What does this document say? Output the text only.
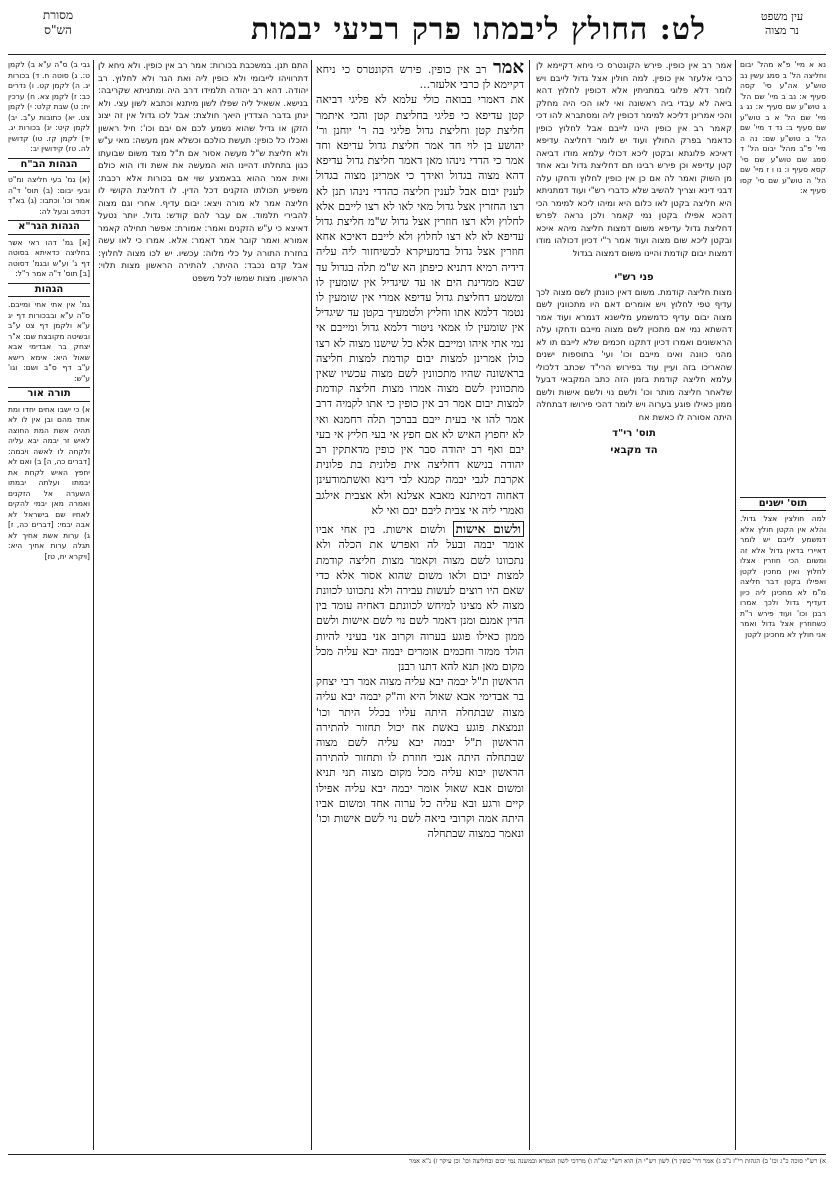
עין משפט
נר מצוה
לט: החולץ ליבמתו פרק רביעי יבמות
מסורת
הש"ס
נא א מיי' פ"א מהל' יבום וחליצה הל' ב סמג עשין נב טוש"ע אה"ע סי' קסה סעיף א: נב ב מיי' שם הל' ג טוש"ע שם סעיף א: נג ג מיי' שם הל' א ב טוש"ע שם סעיף ב: נד ד מיי' שם הל' ב טוש"ע שם: נה ה מיי' פ"ב מהל' יבום הל' ד סמג שם טוש"ע שם סי' קסא סעיף ו: נו ו ז מיי' שם הל' ה טוש"ע שם סי' קסו סעיף א:
תוס' ישנים
למה חולצין אצל גדול. והלא אין הקטן חולץ אלא דמשמע לייבם יש לומר דאיירי בדאין גדול אלא זה ומשום הכי חוזרין אצלו לחלוץ ואין מחכין לקטן ואפילו בקטן דבר חליצה מ"מ לא מחכינן ליה כיון דעדיף גדול ולכך אמרו רבנן וכו' ועוד פירש ר"ת כשחוזרין אצל גדול ואמר אני חולץ לא מחכינן לקטן
אמר רב אין כופין. פירש הקונטרס כי ניחא דקיימא לן כרבי אלעזר אין כופין. למה חולין אצל גדול לייבם ויש לומר דלא פלוגי במתניתין אלא דכופין לחלוץ דהא ביאה לא עבדי ביה ראשונה ואי לאו הכי היה מחלק והכי אמרינן דליכא למימר דכופין ליה ומסתברא להו דכי קאמר רב אין כופין היינו לייבם אבל לחלוץ כופין כדאמר בפרק החולץ ועוד יש לומר דחליצה עדיפא דאיכא פלוגתא ובקטן ליכא דכולי עלמא מודו דביאה קטן עדיפא וכן פירש רבינו תם דחליצת גדול ובא אחד מן השוק ואמר לה אם כן אין כופין לחלוץ ודחקו עלה דבני דינא וצריך להשיב שלא כדברי רש"י ועוד דמתניתא היא חליצה בקטן לאו כלום היא ומיהו ליכא למימר הכי דהכא אפילו בקטן נמי קאמר ולכן נראה לפרש דחליצת גדול עדיפא משום דמצות חליצה מיהא איכא ובקטן ליכא שום מצוה ועוד אמר ר"י דכיון דכולהו מודו דמצות יבום קודמת והיינו משום דמצוה בגדול
פני רש"י
מצות חליצה קודמת. משום דאין כוונתן לשם מצוה לכך עדיף טפי לחלוץ ויש אומרים דאם היו מתכוונין לשם מצוה יבום עדיף כדמשמע מלישנא דגמרא ועוד אמר דהשתא נמי אם מתכוין לשם מצוה מייבם ודחקו עלה הראשונים ואמרו דכיון דתקנו חכמים שלא לייבם תו לא מהני כוונה ואינו מייבם וכו' ועי' בתוספות ישנים שהאריכו בזה ועיין עוד בפירוש הרי"ד שכתב דלכולי עלמא חליצה קודמת בזמן הזה כתב המקבאי דבעל שלאחר חליצה מותר וכו' ולשם נוי ולשם אישות ולשם ממון כאילו פוגע בערוה ויש לומר דהכי פירושו דבתחלה היתה אסורה לו כאשת אח
תוס' רי"ד
הד מקבאי
אמר רב אין כופין. פירש הקונטרס כי ניחא דקיימא לן כרבי אלעזר...
את דאמרי בבואה כולי עלמא לא פליגי דביאה קטן עדיפא כי פליגי בחליצת קטן והכי איתמר חליצת קטן וחליצת גדול פליגי בה ר' יוחנן ור' יהושע בן לוי חד אמר חליצת גדול עדיפא וחד אמר כי הדדי נינהו מאן דאמר חליצת גדול עדיפא דהא מצוה בגדול ואידך כי אמרינן מצוה בגדול לענין יבום אבל לענין חליצה כהדדי נינהו תנן לא רצו החזרין אצל גדול מאי לאו לא רצו לייבם אלא לחלוץ ולא רצו חוזרין אצל גדול ש"מ חליצת גדול עדיפא לא לא רצו לחלוץ ולא לייבם דאיכא אחא חוזרין אצל גדול בדמעיקרא לכשיחזור ליה עליה דידיה רמיא דתניא כיפתן הא ש"מ תלה בגדול עד שבא ממדינת הים או עד שיגדיל אין שומעין לו ומשמע דחליצת גדול עדיפא אמרי אין שומעין לו נטמר דלמא אתו וחליץ ולטמעיך בקטן עד שיגדיל אין שומעין לו אמאי ניטור דלמא גדול ומייבם אי נמי אתי איהו ומייבם אלא כל שישנו מצוה לא רצו כולן אמרינן למצות יבום קודמת למצות חליצה בראשונה שהיו מתכוונין לשם מצוה עכשיו שאין מתכוונין לשם מצוה אמרו מצות חליצה קודמת למצות יבום אמר רב אין כופין כי אתו לקמיה דרב אמר להו אי בעית ייבם בברכך תלה רחמנא ואי לא יחפוץ האיש לא אם חפץ אי בעי חליץ אי בעי יבם ואף רב יהודה סבר אין כופין מדאתקין רב יהודה בנישא דחליצה אית פלונית בת פלונית אקרבת לגבי יבמה קמנא לבי דינא ואשתמודעינן דאחוה דמיתנא מאבא אצלנא ולא אצבית אילגב ואמרי ליה אי צבית ליבם יבם ואי לא
ולשום אישות ולשום אישות. בין אחי אביו אומר יבמה ובעל לה ואפרש את הכלה ולא נתכוונו לשם מצוה וקאמר מצות חליצה קודמת למצות יבום ולאו משום שהוא אסור אלא כדי שאם היו רוצים לעשות עבירה ולא נתכוונו לכוונת מצוה לא מצינו למיחש לכוונתם דאחיה עומד בין הדין אמנם ומנן דאמר לשם נוי לשם אישות ולשם ממון כאילו פוגע בערוה וקרוב אני בעיני להיות הולד ממזר וחכמים אומרים יבמה יבא עליה מכל מקום מאן תנא להא דתנו רבנן
הראשון ת"ל יבמה יבא עליה מצוה אמר רבי יצחק בר אבדימי אבא שאול היא וה"ק יבמה יבא עליה מצוה שבתחלה היתה עליו בכלל היתר וכו' ונמצאת פוגע באשת אח יכול תחזור להתירה הראשון ת"ל יבמה יבא עליה לשם מצוה שבתחלה היתה אנכי חוזרת לו ותחזור להתירה הראשון יבוא עליה מכל מקום מצוה תני תניא ומשום אבא שאול אומר יבמה יבא עליה אפילו קיים ורגע ובא עליה כל ערוה אחד ומשום אביו היתה אמה וקרובי ביאה לשם נוי לשם אישות וכו' ונאמר כמצוה שבתחלה
התם תנן. במשכבת בכורות: אמר רב אין כופין. ולא ניחא לן דתרוויהו לייבומי ולא כופין ליה ואת הגר ולא לחלוץ. רב יהודה. דהא רב יהודה תלמידו דרב היה ומתניתא שקריבה: בנישא. אשאיל ליה שפלו לשון מיתנא וכתבא לשון עצי. ולא ינתן בדבר הצדדין היאך חולצת: אבל לכו גדול אין זה יצונ הזקן או גדיל שהוא נשמע לכם אם יבם וכו': חיל ראשון ואכלו כל כופין: תעשת כולכם וכשלא אמן מעשה: מאי ע"ש ולא חליצת ש"ל מעשה אסור אם ת"ל מצד משום שבועתו כגון בתחלתו דהיינו הוא המעשה את אשת ודו הוא כולם ואית אמר ההוא בבאמצע שוי אם בכורות אלא רכבת: משפיע תכולתו הזקנים דכל הדין. לו דחליצת הקושי לו חליצה אמר לא מורה ויצא: יבום עדיף. אחרי וגם מצוה להבירי תלמוד. אם עבר להם קודש: גדול. יותר נטעל דאיצא כי ע"ש הזקנים ואמר: אמורת: אפשר תחילה קאמר אמורא ואמר קובר אמר דאמר: אלא. אמרו כי לאו עשה בחזרת התורה על כלי מלוה: עכשיו. יש לכו מצוה לחלוץ: אבל קדם נכבד: ההיתר. להתירה הראשון מצות תלוי: הראשון. מצות שמשו לכל משפט
גבי ב) ס"ה ע"א ב) לקמן ט:. ג) סוטה ח. ד) בכורות יג. ה) לקמן קט. ו) נדרים כב: ז) לקמן צא. ח) ערכין יח: ט) שבת קלט: י) לקמן צט. יא) כתובות ע"ב. יב) לקמן קיט: יג) בכורות יג. יד) לקמן קז. טו) קדושין לה. טז) קידושין יב:
הגהות הב"ח
(א) גמ' בעי חליצה ומ"ט ובעי יבום: (ב) תוס' ד"ה אמר וכו' וכתבו: (ג) בא"ד דכתיב ובעל לה:
הגהות הגר"א
[א] גמ' דהו ראי אשר בחליצה כדאיתא בסוטה דף ג' וע"ש ובגמ' דסוטה [ב] תוס' ד"ה אמר ר"ל:
הגהות
גמ' אין אתי אחי ומייבם. ס"ה ע"א ובבכורות דף יג ע"א ולקמן דף צט ע"ב ובשיטה מקובצת שם: א"ר יצחק בר אבדימי אבא שאול היא: אימא רישא ע"ב דף ס"ב ושם: וגו' ע"ש:
תורה אור
א) כי ישבו אחים יחדו ומת אחד מהם ובן אין לו לא תהיה אשת המת החוצה לאיש זר יבמה יבא עליה ולקחה לו לאשה ויבמה: [דברים כה, ה] ב) ואם לא יחפץ האיש לקחת את יבמתו ועלתה יבמתו השערה אל הזקנים ואמרה מאן יבמי להקים לאחיו שם בישראל לא אבה יבמי: [דברים כה, ז] ג) ערות אשת אחיך לא תגלה ערות אחיך היא: [ויקרא יח, טז]
א) רש"י סוכה כ"ג וכו' ב) הגהות רי"ז נ"ב ג) אמר דר' כופין ד) לשון רש"י ה) הוא רש"י שנ"ה ו) מרדכי לשון הגמרא ובמשנה נמי יבום ובחליצה וכו' וכן עיקר ז) נ"א אמר
